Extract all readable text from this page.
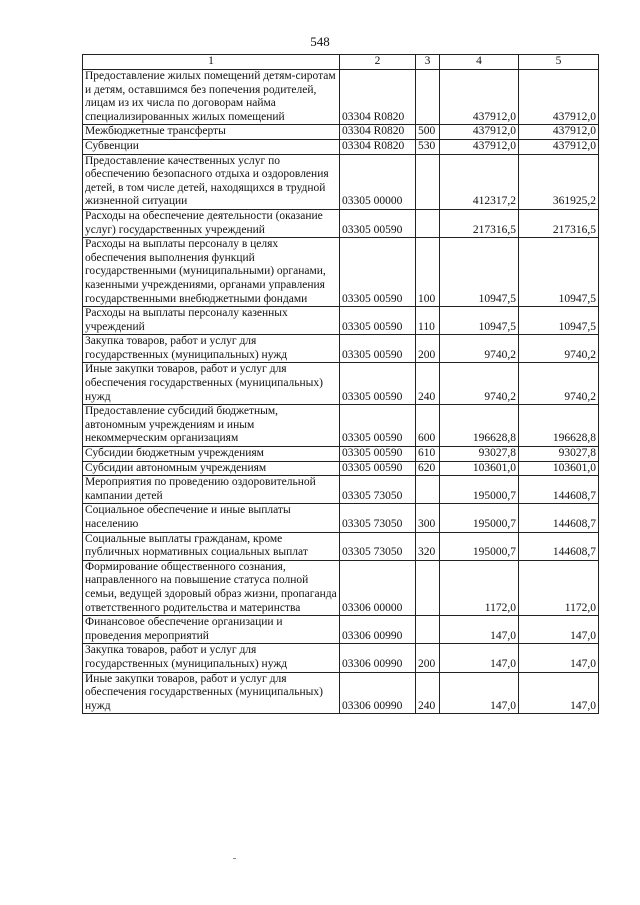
548
1	2	3	4	5
Предоставление жилых помещений детям-сиротам и детям, оставшимся без попечения родителей, лицам из их числа по договорам найма специализированных жилых помещений	03304 R0820		437912,0	437912,0
Межбюджетные трансферты	03304 R0820	500	437912,0	437912,0
Субвенции	03304 R0820	530	437912,0	437912,0
Предоставление качественных услуг по обеспечению безопасного отдыха и оздоровления детей, в том числе детей, находящихся в трудной жизненной ситуации	03305 00000		412317,2	361925,2
Расходы на обеспечение деятельности (оказание услуг) государственных учреждений	03305 00590		217316,5	217316,5
Расходы на выплаты персоналу в целях обеспечения выполнения функций государственными (муниципальными) органами, казенными учреждениями, органами управления государственными внебюджетными фондами	03305 00590	100	10947,5	10947,5
Расходы на выплаты персоналу казенных учреждений	03305 00590	110	10947,5	10947,5
Закупка товаров, работ и услуг для государственных (муниципальных) нужд	03305 00590	200	9740,2	9740,2
Иные закупки товаров, работ и услуг для обеспечения государственных (муниципальных) нужд	03305 00590	240	9740,2	9740,2
Предоставление субсидий бюджетным, автономным учреждениям и иным некоммерческим организациям	03305 00590	600	196628,8	196628,8
Субсидии бюджетным учреждениям	03305 00590	610	93027,8	93027,8
Субсидии автономным учреждениям	03305 00590	620	103601,0	103601,0
Мероприятия по проведению оздоровительной кампании детей	03305 73050		195000,7	144608,7
Социальное обеспечение и иные выплаты населению	03305 73050	300	195000,7	144608,7
Социальные выплаты гражданам, кроме публичных нормативных социальных выплат	03305 73050	320	195000,7	144608,7
Формирование общественного сознания, направленного на повышение статуса полной семьи, ведущей здоровый образ жизни, пропаганда ответственного родительства и материнства	03306 00000		1172,0	1172,0
Финансовое обеспечение организации и проведения мероприятий	03306 00990		147,0	147,0
Закупка товаров, работ и услуг для государственных (муниципальных) нужд	03306 00990	200	147,0	147,0
Иные закупки товаров, работ и услуг для обеспечения государственных (муниципальных) нужд	03306 00990	240	147,0	147,0
